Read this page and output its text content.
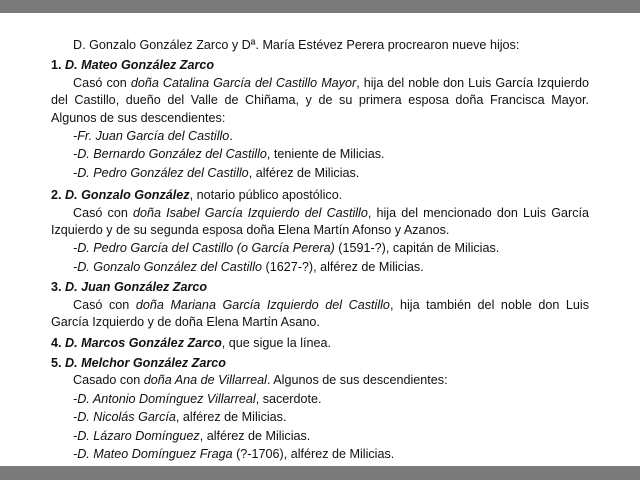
D. Gonzalo González Zarco y Dª. María Estévez Perera procrearon nueve hijos:

1. D. Mateo González Zarco

Casó con doña Catalina García del Castillo Mayor, hija del noble don Luis García Izquierdo del Castillo, dueño del Valle de Chiñama, y de su primera esposa doña Francisca Mayor. Algunos de sus descendientes:

-Fr. Juan García del Castillo.

-D. Bernardo González del Castillo, teniente de Milicias.

-D. Pedro González del Castillo, alférez de Milicias.

2. D. Gonzalo González, notario público apostólico.

Casó con doña Isabel García Izquierdo del Castillo, hija del mencionado don Luis García Izquierdo y de su segunda esposa doña Elena Martín Afonso y Azanos.

-D. Pedro García del Castillo (o García Perera) (1591-?), capitán de Milicias.

-D. Gonzalo González del Castillo (1627-?), alférez de Milicias.

3. D. Juan González Zarco

Casó con doña Mariana García Izquierdo del Castillo, hija también del noble don Luis García Izquierdo y de doña Elena Martín Asano.

4. D. Marcos González Zarco, que sigue la línea.

5. D. Melchor González Zarco

Casado con doña Ana de Villarreal. Algunos de sus descendientes:

-D. Antonio Domínguez Villarreal, sacerdote.

-D. Nicolás García, alférez de Milicias.

-D. Lázaro Domínguez, alférez de Milicias.

-D. Mateo Domínguez Fraga (?-1706), alférez de Milicias.
